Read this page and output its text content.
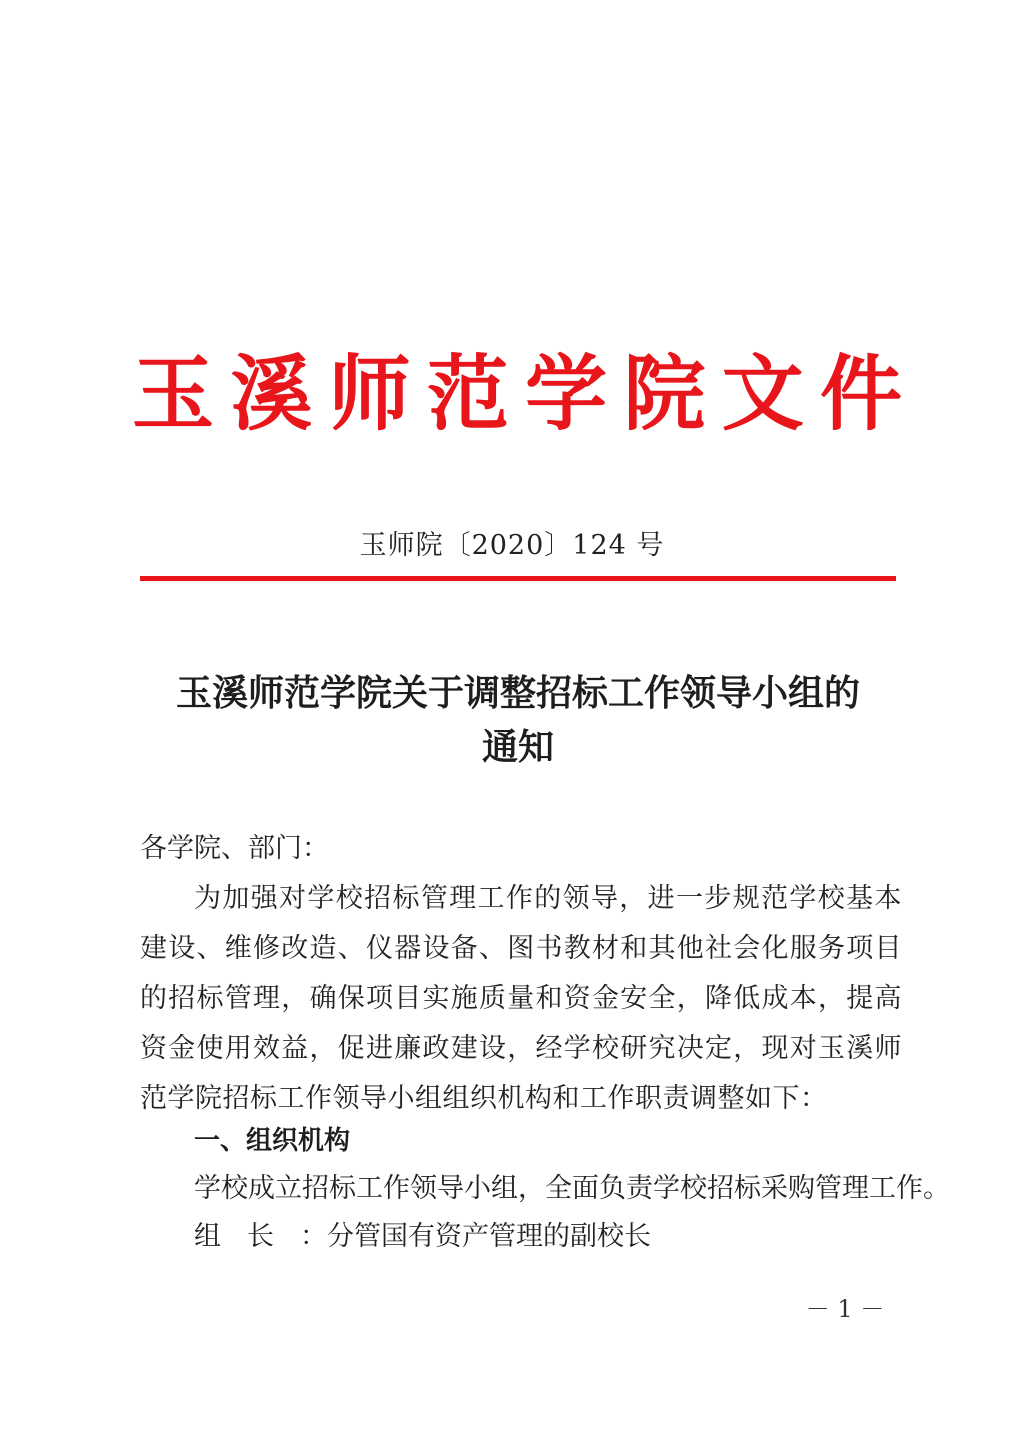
玉 溪 师 范 学 院 文 件
玉师院〔2020〕124 号
玉溪师范学院关于调整招标工作领导小组的
通知
各学院、部门：
为加强对学校招标管理工作的领导，进一步规范学校基本建设、维修改造、仪器设备、图书教材和其他社会化服务项目的招标管理，确保项目实施质量和资金安全，降低成本，提高资金使用效益，促进廉政建设，经学校研究决定，现对玉溪师范学院招标工作领导小组组织机构和工作职责调整如下：
一、组织机构
学校成立招标工作领导小组，全面负责学校招标采购管理工作。
组长：分管国有资产管理的副校长
－ 1 －
